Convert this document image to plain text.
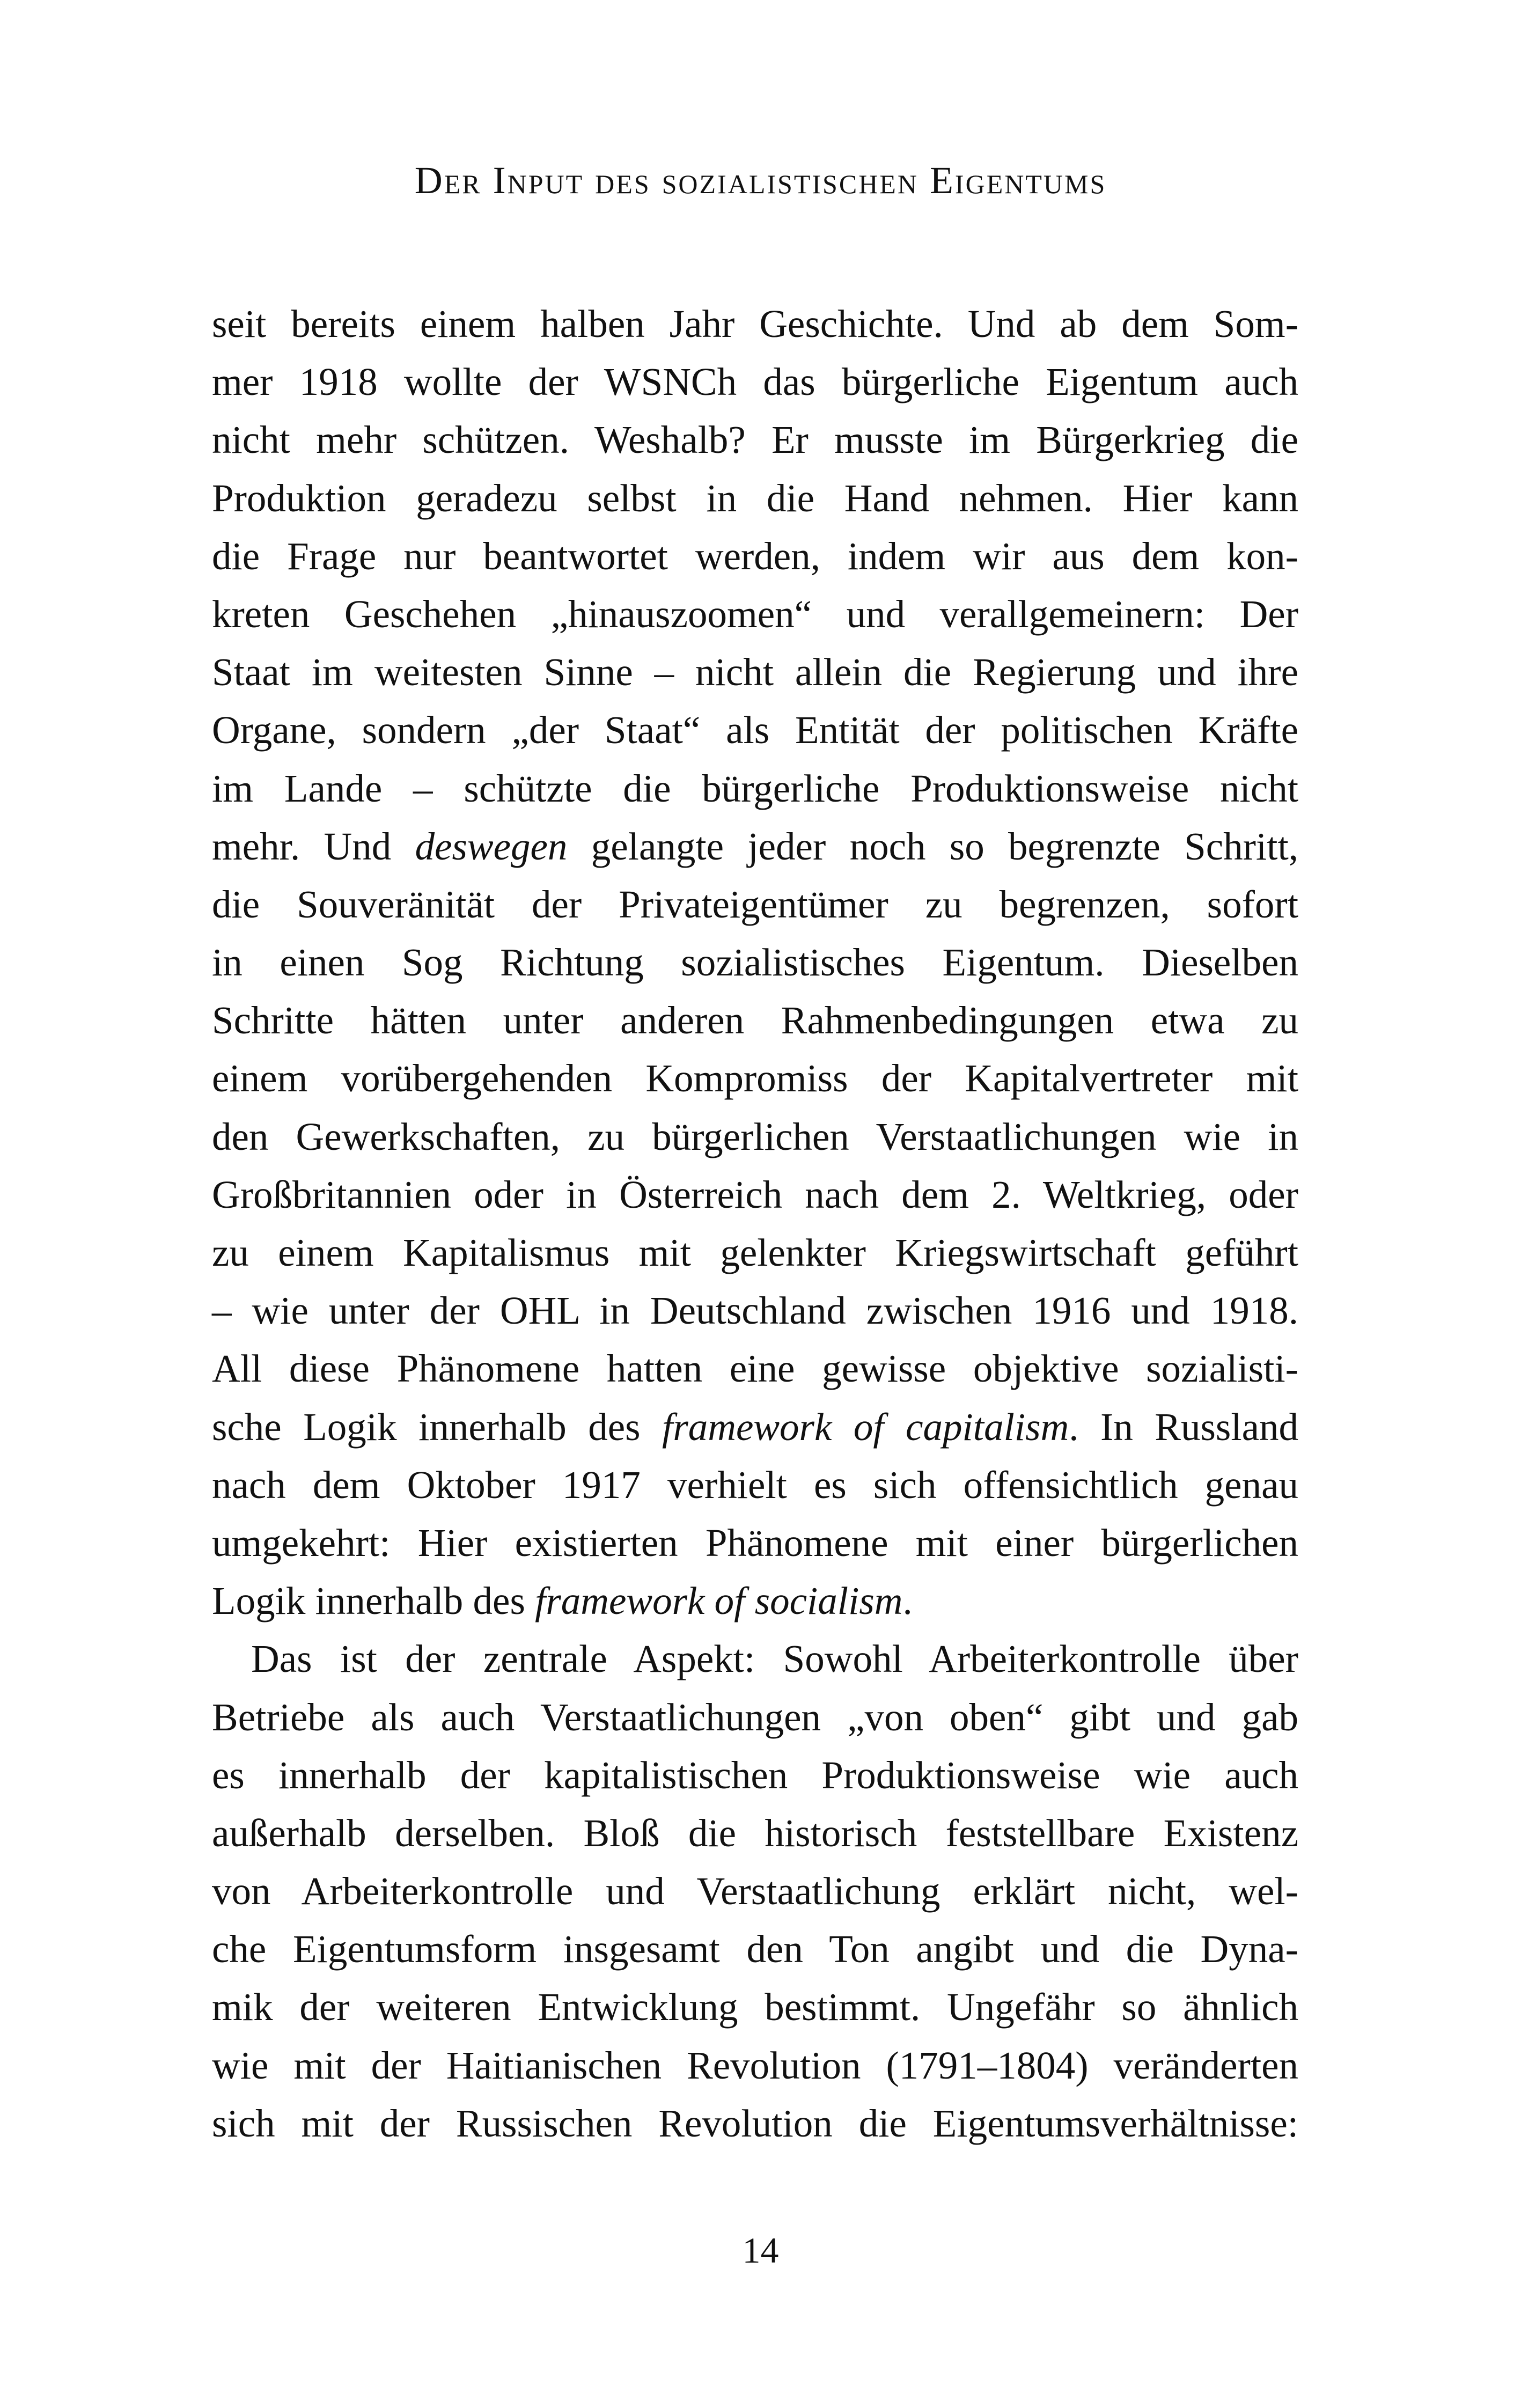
Der Input des sozialistischen Eigentums
seit bereits einem halben Jahr Geschichte. Und ab dem Som-
mer 1918 wollte der WSNCh das bürgerliche Eigentum auch
nicht mehr schützen. Weshalb? Er musste im Bürgerkrieg die
Produktion geradezu selbst in die Hand nehmen. Hier kann
die Frage nur beantwortet werden, indem wir aus dem kon-
kreten Geschehen „hinauszoomen“ und verallgemeinern: Der
Staat im weitesten Sinne – nicht allein die Regierung und ihre
Organe, sondern „der Staat“ als Entität der politischen Kräfte
im Lande – schützte die bürgerliche Produktionsweise nicht
mehr. Und deswegen gelangte jeder noch so begrenzte Schritt,
die Souveränität der Privateigentümer zu begrenzen, sofort
in einen Sog Richtung sozialistisches Eigentum. Dieselben
Schritte hätten unter anderen Rahmenbedingungen etwa zu
einem vorübergehenden Kompromiss der Kapitalvertreter mit
den Gewerkschaften, zu bürgerlichen Verstaatlichungen wie in
Großbritannien oder in Österreich nach dem 2. Weltkrieg, oder
zu einem Kapitalismus mit gelenkter Kriegswirtschaft geführt
– wie unter der OHL in Deutschland zwischen 1916 und 1918.
All diese Phänomene hatten eine gewisse objektive sozialisti-
sche Logik innerhalb des framework of capitalism. In Russland
nach dem Oktober 1917 verhielt es sich offensichtlich genau
umgekehrt: Hier existierten Phänomene mit einer bürgerlichen
Logik innerhalb des framework of socialism.
Das ist der zentrale Aspekt: Sowohl Arbeiterkontrolle über
Betriebe als auch Verstaatlichungen „von oben“ gibt und gab
es innerhalb der kapitalistischen Produktionsweise wie auch
außerhalb derselben. Bloß die historisch feststellbare Existenz
von Arbeiterkontrolle und Verstaatlichung erklärt nicht, wel-
che Eigentumsform insgesamt den Ton angibt und die Dyna-
mik der weiteren Entwicklung bestimmt. Ungefähr so ähnlich
wie mit der Haitianischen Revolution (1791–1804) veränderten
sich mit der Russischen Revolution die Eigentumsverhältnisse:
14
